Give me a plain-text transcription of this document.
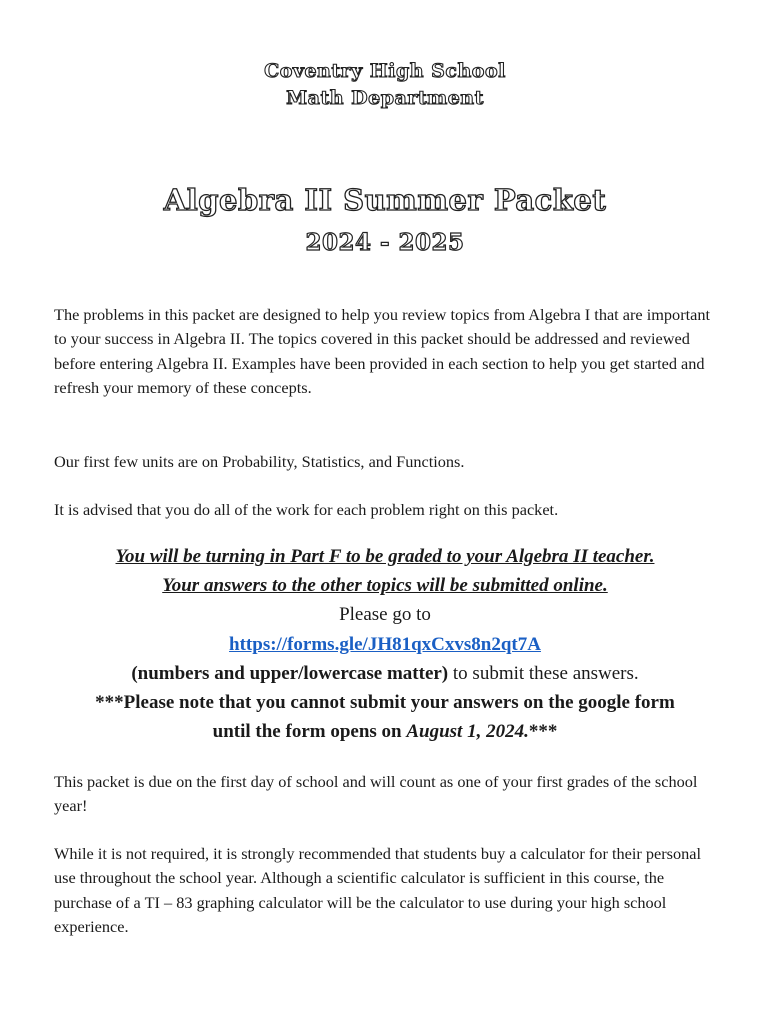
Coventry High School
Math Department
Algebra II Summer Packet
2024 - 2025

The problems in this packet are designed to help you review topics from Algebra I that are important to your success in Algebra II. The topics covered in this packet should be addressed and reviewed before entering Algebra II. Examples have been provided in each section to help you get started and refresh your memory of these concepts.

Our first few units are on Probability, Statistics, and Functions.

It is advised that you do all of the work for each problem right on this packet.

You will be turning in Part F to be graded to your Algebra II teacher.
Your answers to the other topics will be submitted online.
Please go to
https://forms.gle/JH81qxCxvs8n2qt7A
(numbers and upper/lowercase matter) to submit these answers.
***Please note that you cannot submit your answers on the google form
until the form opens on August 1, 2024.***

This packet is due on the first day of school and will count as one of your first grades of the school year!

While it is not required, it is strongly recommended that students buy a calculator for their personal use throughout the school year. Although a scientific calculator is sufficient in this course, the purchase of a TI – 83 graphing calculator will be the calculator to use during your high school experience.
